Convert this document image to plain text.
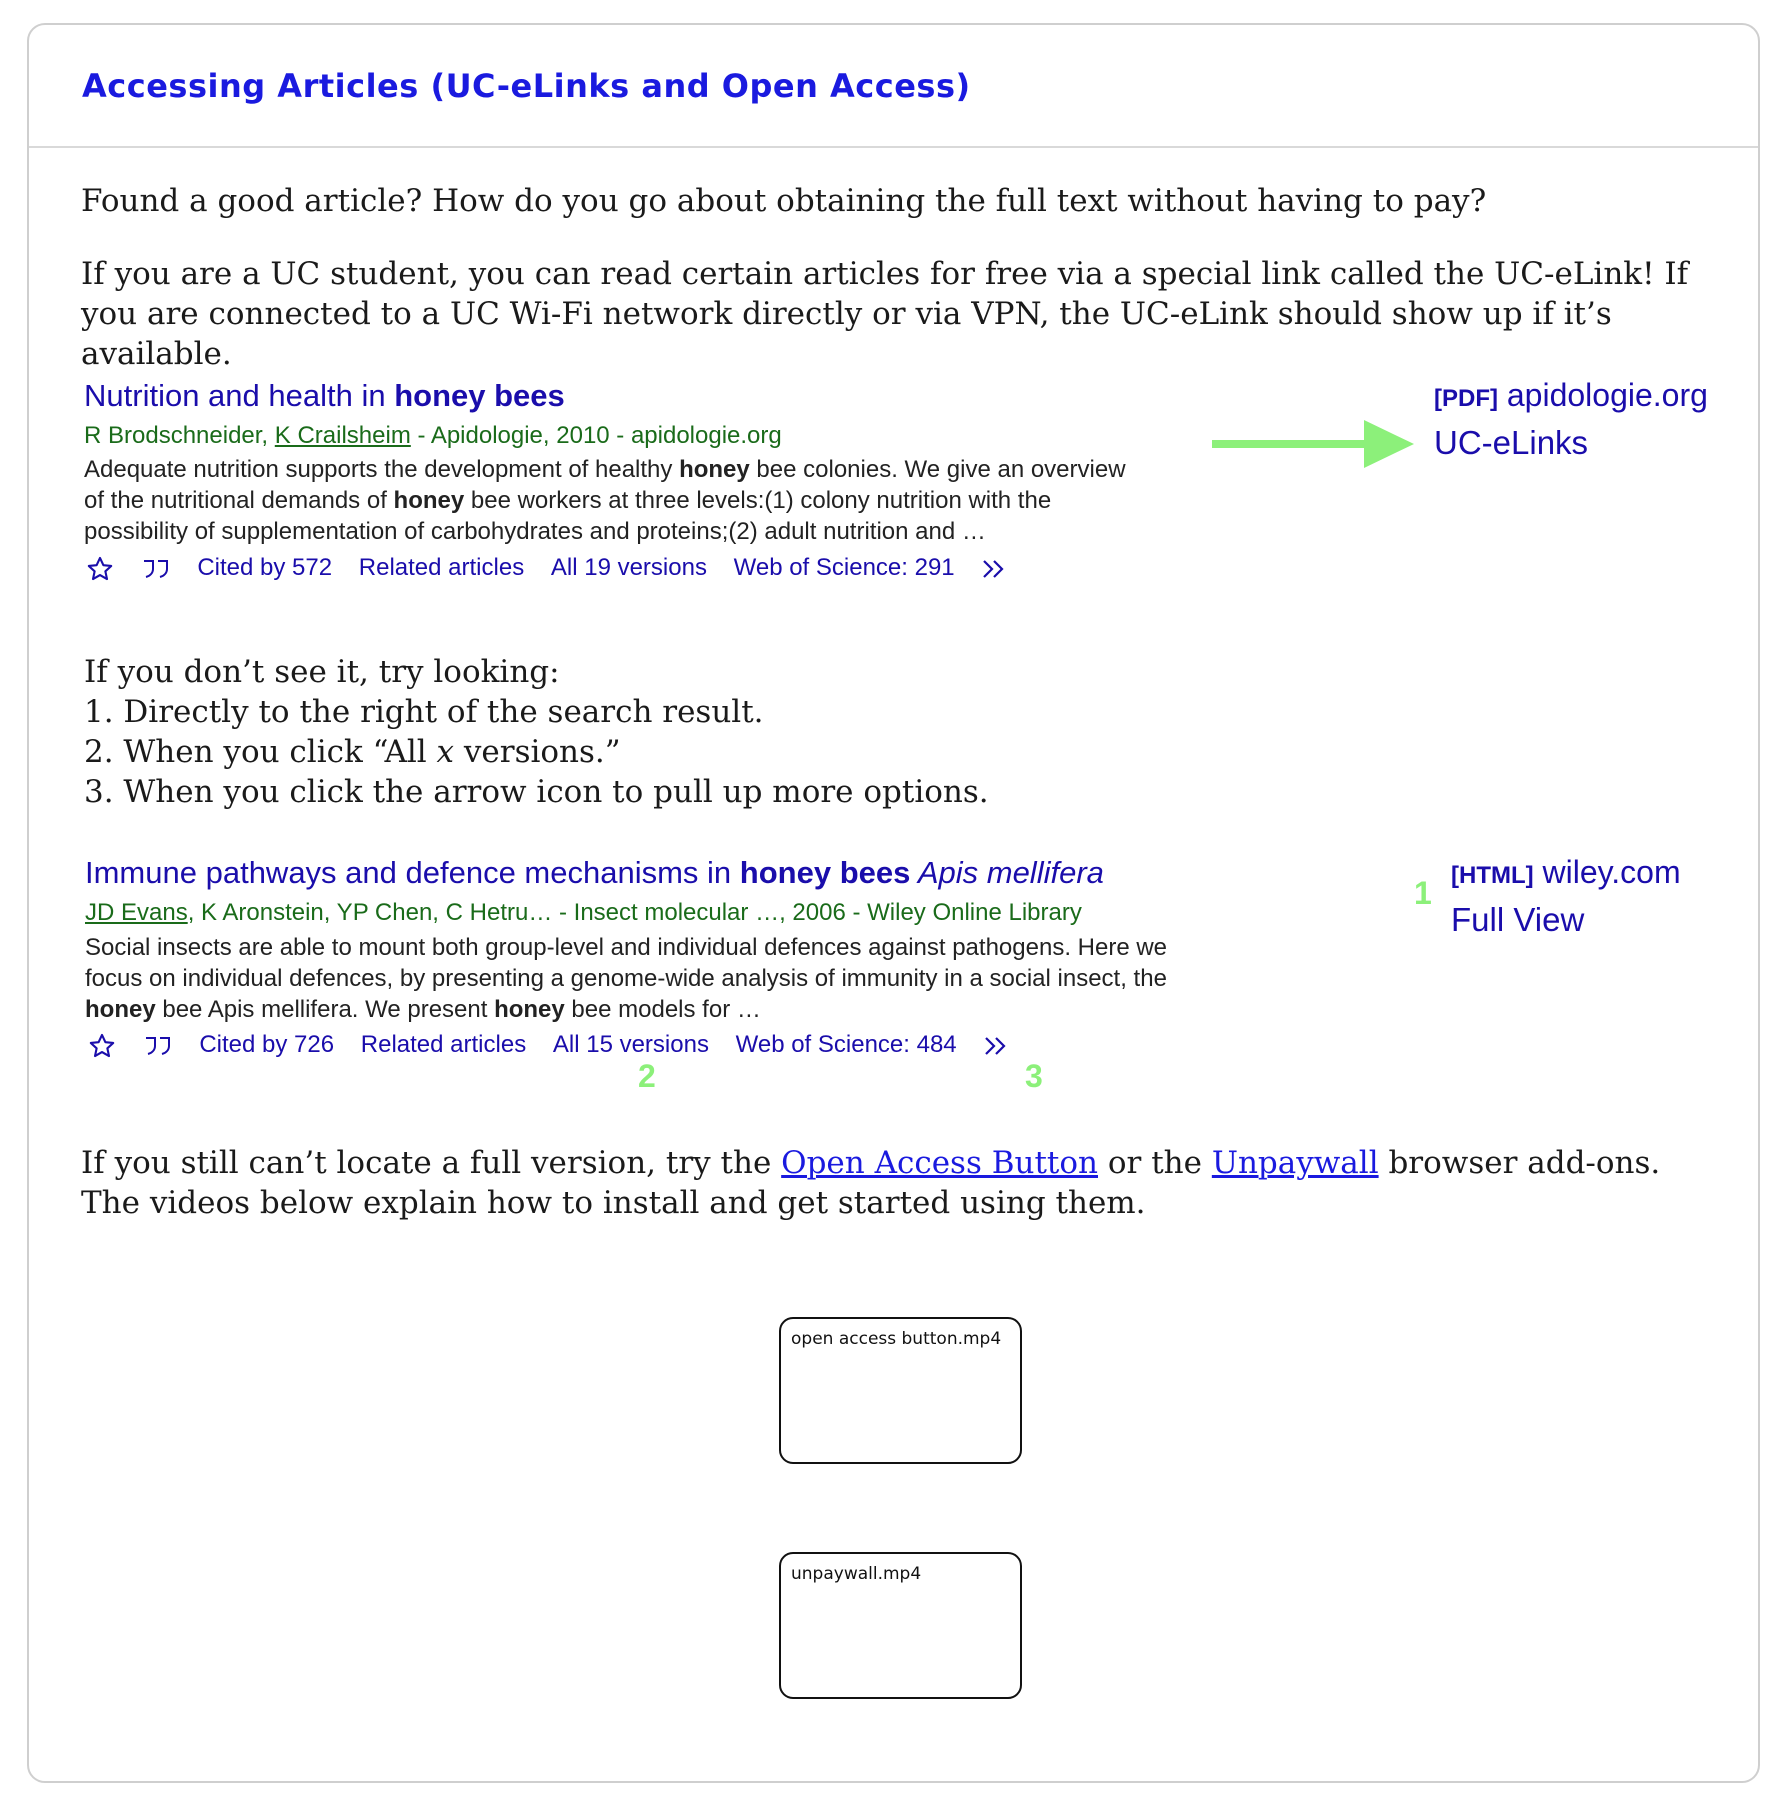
Accessing Articles (UC-eLinks and Open Access)

Found a good article? How do you go about obtaining the full text without having to pay?

If you are a UC student, you can read certain articles for free via a special link called the UC-eLink! If you are connected to a UC Wi-Fi network directly or via VPN, the UC-eLink should show up if it’s available.

Nutrition and health in honey bees
R Brodschneider, K Crailsheim - Apidologie, 2010 - apidologie.org
Adequate nutrition supports the development of healthy honey bee colonies. We give an overview of the nutritional demands of honey bee workers at three levels:(1) colony nutrition with the possibility of supplementation of carbohydrates and proteins;(2) adult nutrition and …
Cited by 572 Related articles All 19 versions Web of Science: 291
[PDF] apidologie.org
UC-eLinks
If you don’t see it, try looking:
1. Directly to the right of the search result.
2. When you click “All x versions.”
3. When you click the arrow icon to pull up more options.
Immune pathways and defence mechanisms in honey bees Apis mellifera
JD Evans, K Aronstein, YP Chen, C Hetru… - Insect molecular …, 2006 - Wiley Online Library
Social insects are able to mount both group-level and individual defences against pathogens. Here we focus on individual defences, by presenting a genome-wide analysis of immunity in a social insect, the honey bee Apis mellifera. We present honey bee models for …
Cited by 726 Related articles All 15 versions Web of Science: 484
2	3
1 [HTML] wiley.com
Full View

If you still can’t locate a full version, try the Open Access Button or the Unpaywall browser add-ons. The videos below explain how to install and get started using them.

open access button.mp4
unpaywall.mp4
